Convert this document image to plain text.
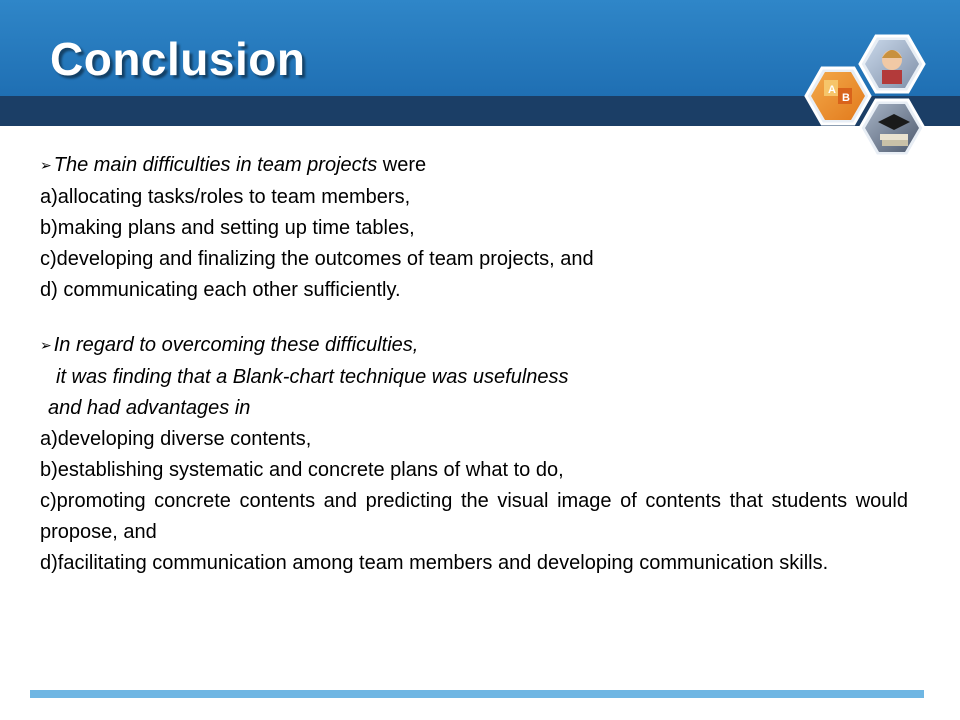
Conclusion
A
B
➢ The main difficulties in team projects were
a)allocating tasks/roles to team members,
b)making plans and setting up time tables,
c)developing and finalizing the outcomes of team projects, and
d) communicating each other sufficiently.
➢ In regard to overcoming these difficulties,
it was finding that a Blank-chart technique was usefulness
and had advantages in
a)developing diverse contents,
b)establishing systematic and concrete plans of what to do,
c)promoting concrete contents and predicting the visual image of contents that students would propose, and
d)facilitating communication among team members and developing communication skills.
